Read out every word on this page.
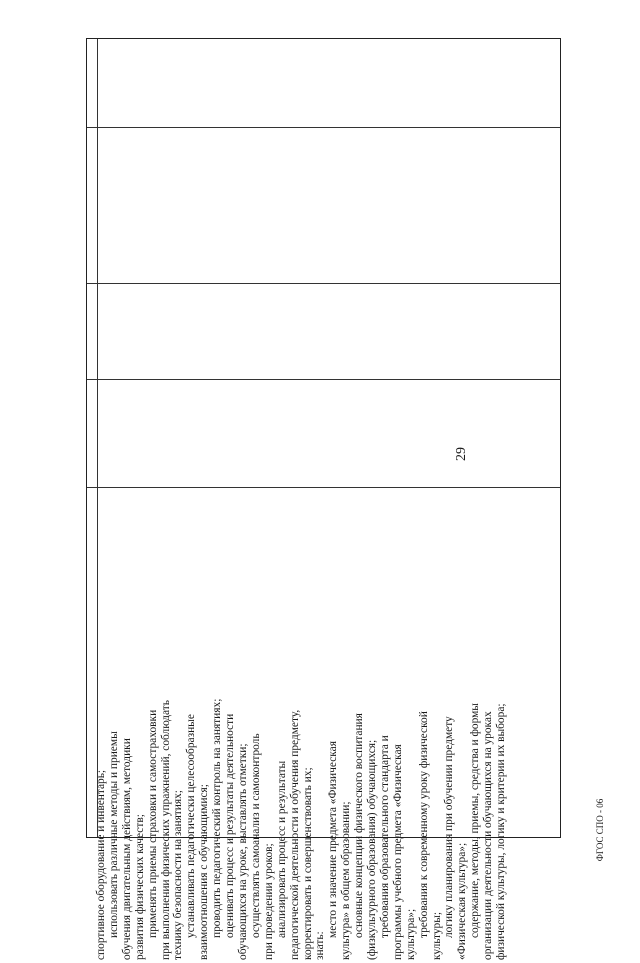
29
ФГОС СПО - 06
спортивное оборудование и инвентарь; использовать различные методы и приемы обучения двигательным действиям, методики развития физических качеств; применять приемы страховки и самостраховки при выполнении физических упражнений, соблюдать технику безопасности на занятиях; устанавливать педагогически целесообразные взаимоотношения с обучающимися; проводить педагогический контроль на занятиях; оценивать процесс и результаты деятельности обучающихся на уроке, выставлять отметки; осуществлять самоанализ и самоконтроль при проведении уроков; анализировать процесс и результаты педагогической деятельности и обучения предмету, корректировать и совершенствовать их; знать:
место и значение предмета «Физическая культура» в общем образовании; основные концепции физического воспитания (физкультурного образования) обучающихся; требования образовательного стандарта и программы учебного предмета «Физическая культура»; требования к современному уроку физической культуры; логику планирования при обучении предмету «Физическая культура»; содержание, методы, приемы, средства и формы организации деятельности обучающихся на уроках физической культуры, логику и критерии их выбора;
